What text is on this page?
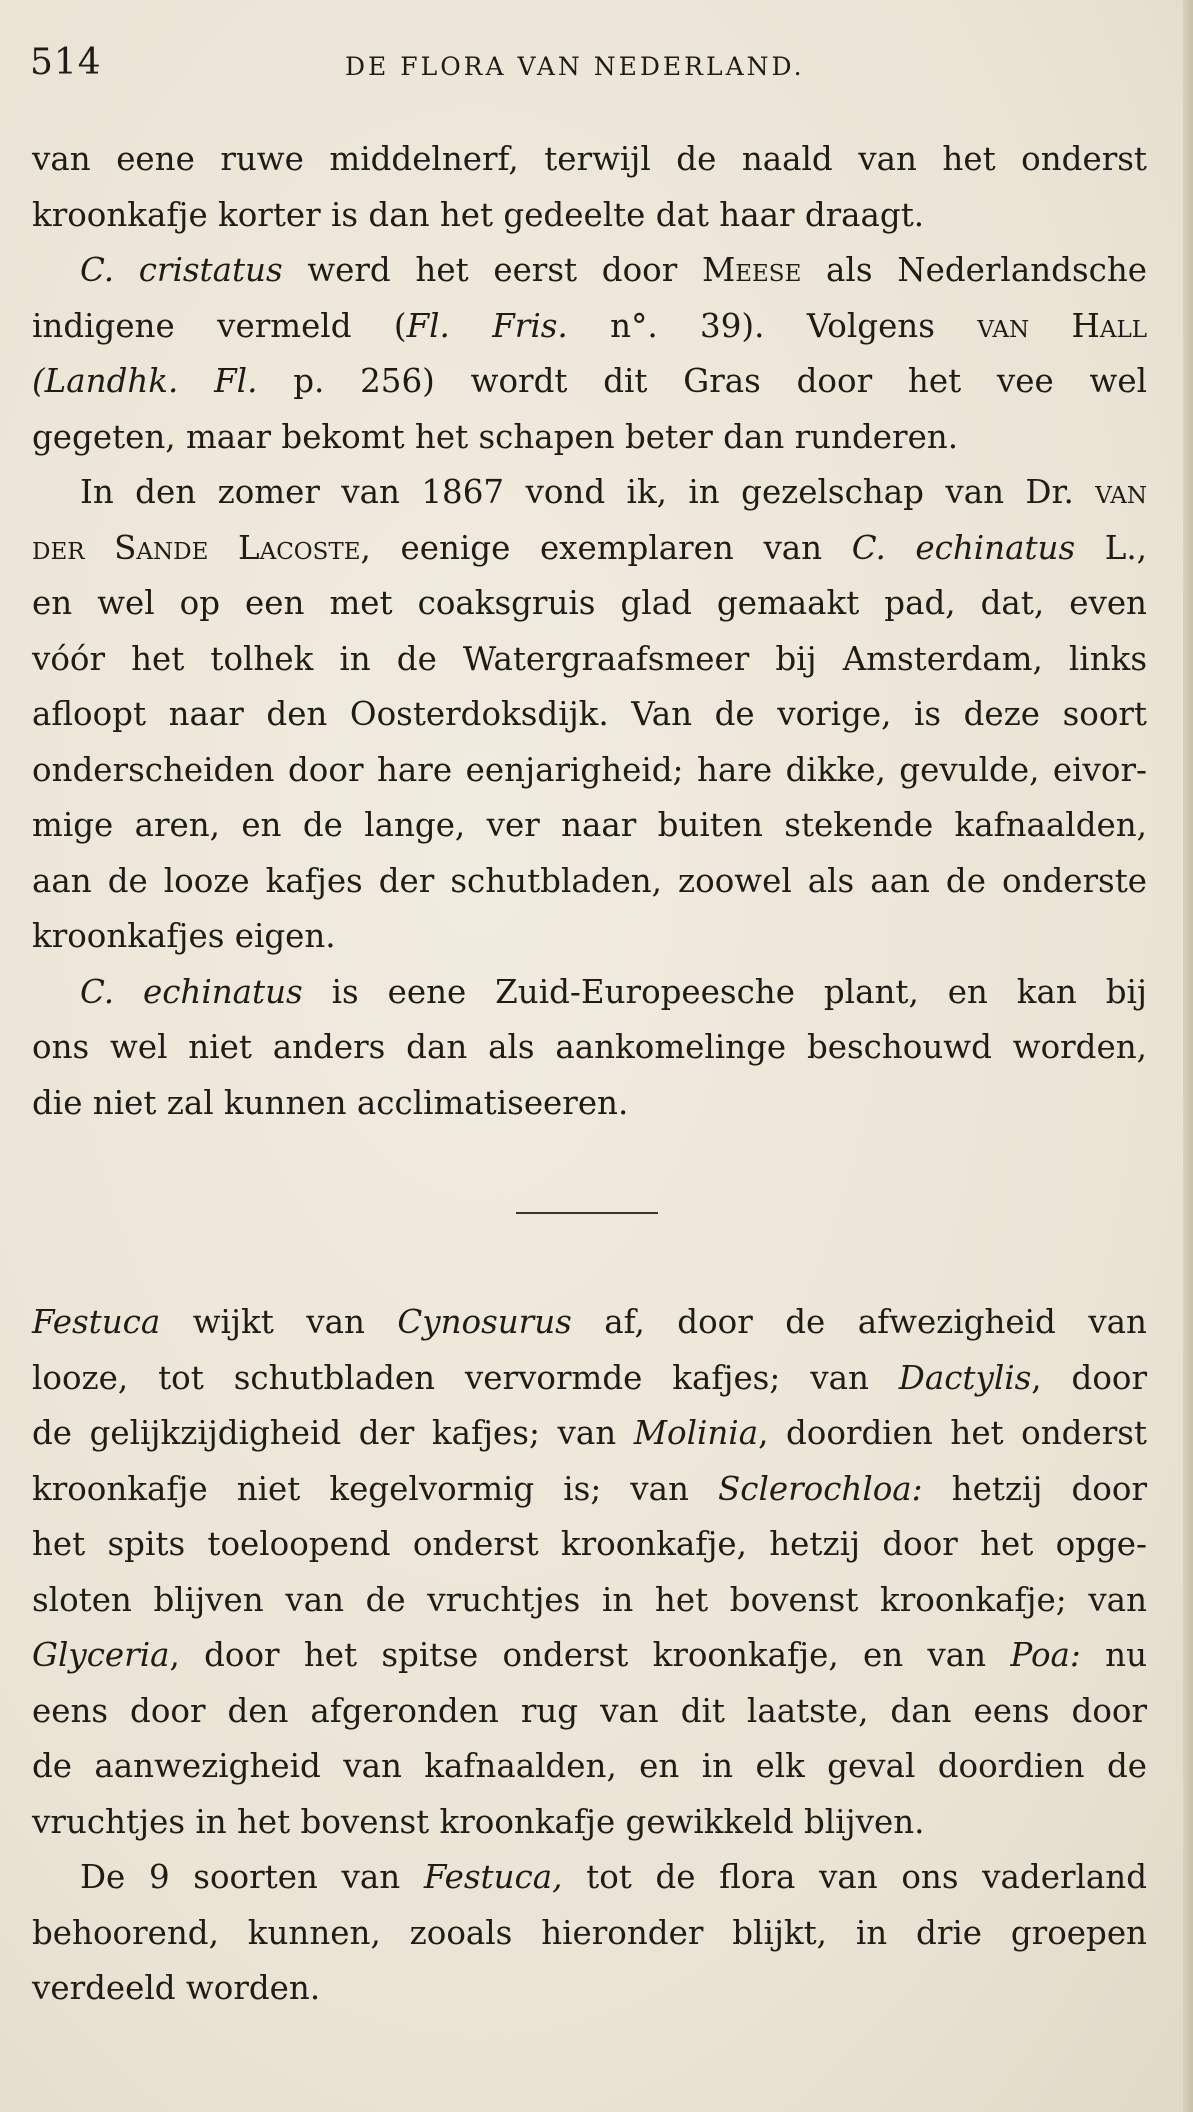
514	DE FLORA VAN NEDERLAND.
van eene ruwe middelnerf, terwijl de naald van het onderst
kroonkafje korter is dan het gedeelte dat haar draagt.
C. cristatus werd het eerst door Meese als Nederlandsche
indigene vermeld (Fl. Fris. n°. 39). Volgens van Hall
(Landhk. Fl. p. 256) wordt dit Gras door het vee wel
gegeten, maar bekomt het schapen beter dan runderen.
In den zomer van 1867 vond ik, in gezelschap van Dr. van
der Sande Lacoste, eenige exemplaren van C. echinatus L.,
en wel op een met coaksgruis glad gemaakt pad, dat, even
vóór het tolhek in de Watergraafsmeer bij Amsterdam, links
afloopt naar den Oosterdoksdijk. Van de vorige, is deze soort
onderscheiden door hare eenjarigheid; hare dikke, gevulde, eivor-
mige aren, en de lange, ver naar buiten stekende kafnaalden,
aan de looze kafjes der schutbladen, zoowel als aan de onderste
kroonkafjes eigen.
C. echinatus is eene Zuid-Europeesche plant, en kan bij
ons wel niet anders dan als aankomelinge beschouwd worden,
die niet zal kunnen acclimatiseeren.
Festuca wijkt van Cynosurus af, door de afwezigheid van
looze, tot schutbladen vervormde kafjes; van Dactylis, door
de gelijkzijdigheid der kafjes; van Molinia, doordien het onderst
kroonkafje niet kegelvormig is; van Sclerochloa: hetzij door
het spits toeloopend onderst kroonkafje, hetzij door het opge-
sloten blijven van de vruchtjes in het bovenst kroonkafje; van
Glyceria, door het spitse onderst kroonkafje, en van Poa: nu
eens door den afgeronden rug van dit laatste, dan eens door
de aanwezigheid van kafnaalden, en in elk geval doordien de
vruchtjes in het bovenst kroonkafje gewikkeld blijven.
De 9 soorten van Festuca, tot de flora van ons vaderland
behoorend, kunnen, zooals hieronder blijkt, in drie groepen
verdeeld worden.
